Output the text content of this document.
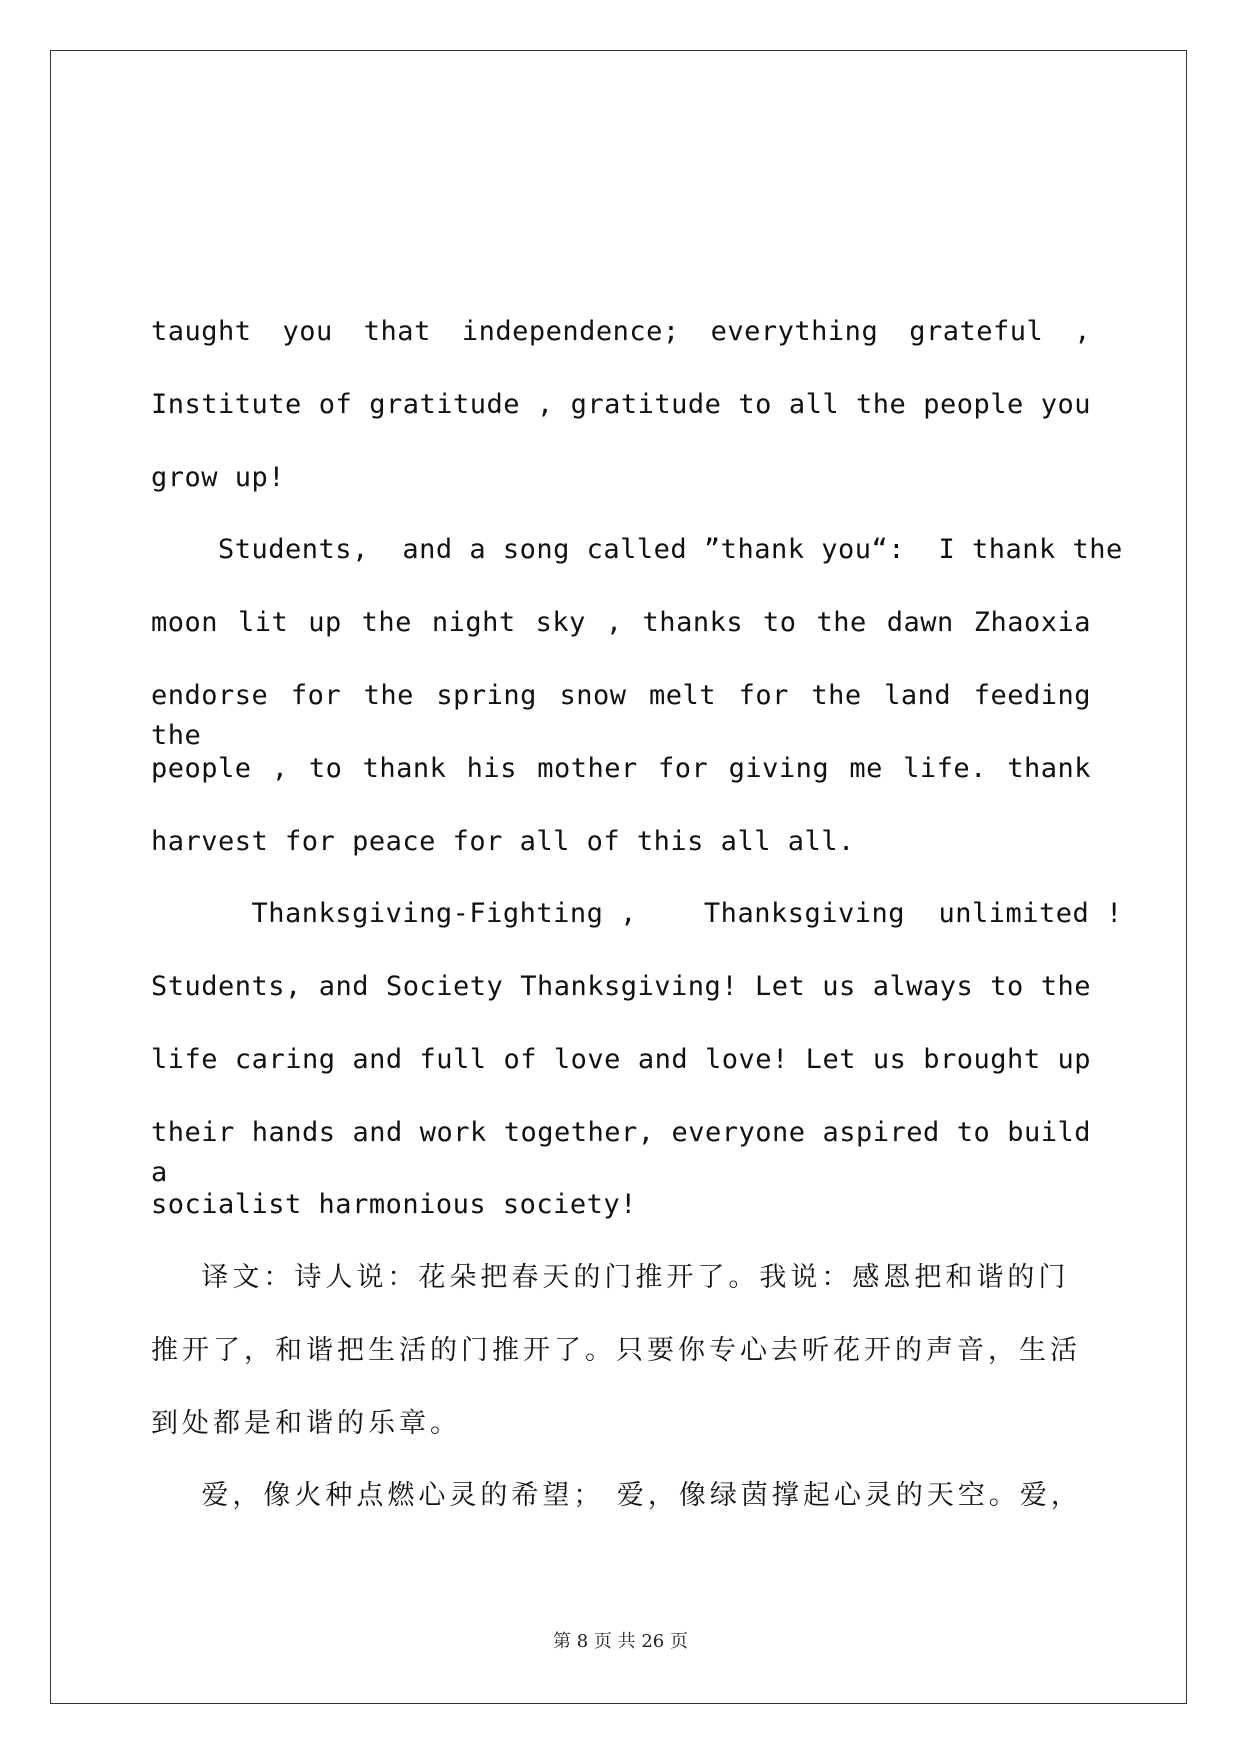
taught you that independence; everything grateful ,
Institute of gratitude , gratitude to all the people you
grow up!
Students,  and a song called ”thank you“:  I thank the
moon lit up the night sky , thanks to the dawn Zhaoxia
endorse for the spring snow melt for the land feeding the
people , to thank his mother for giving me life. thank
harvest for peace for all of this all all.
Thanksgiving-Fighting ,    Thanksgiving  unlimited !
Students, and Society Thanksgiving! Let us always to the
life caring and full of love and love! Let us brought up
their hands and work together, everyone aspired to build a
socialist harmonious society!
译文：诗人说：花朵把春天的门推开了。我说：感恩把和谐的门
推开了，和谐把生活的门推开了。只要你专心去听花开的声音，生活
到处都是和谐的乐章。
爱，像火种点燃心灵的希望； 爱，像绿茵撑起心灵的天空。爱，
第 8 页 共 26 页
